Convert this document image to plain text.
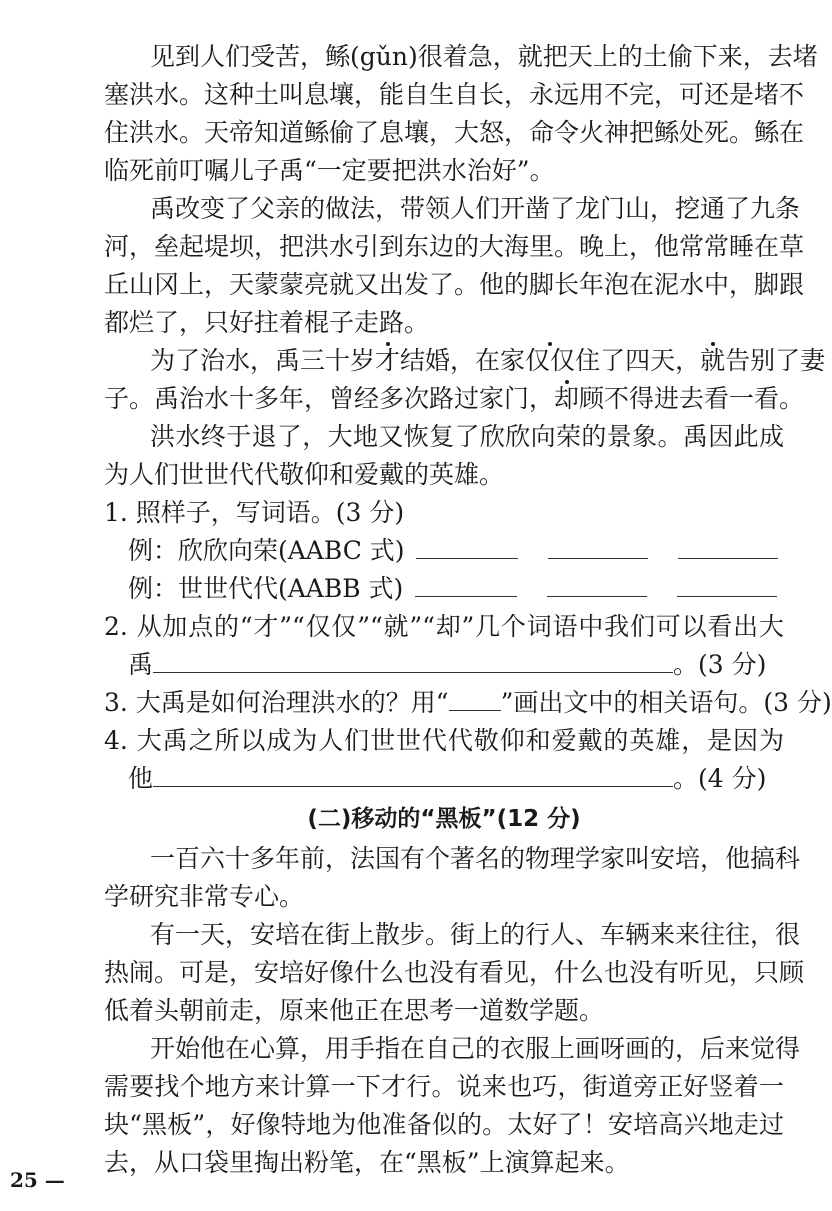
见到人们受苦，鲧(gǔn)很着急，就把天上的土偷下来，去堵
塞洪水。这种土叫息壤，能自生自长，永远用不完，可还是堵不
住洪水。天帝知道鲧偷了息壤，大怒，命令火神把鲧处死。鲧在
临死前叮嘱儿子禹“一定要把洪水治好”。
禹改变了父亲的做法，带领人们开凿了龙门山，挖通了九条
河，垒起堤坝，把洪水引到东边的大海里。晚上，他常常睡在草
丘山冈上，天蒙蒙亮就又出发了。他的脚长年泡在泥水中，脚跟
都烂了，只好拄着棍子走路。
为了治水，禹三十岁才结婚，在家仅仅住了四天，就告别了妻
子。禹治水十多年，曾经多次路过家门，却顾不得进去看一看。
洪水终于退了，大地又恢复了欣欣向荣的景象。禹因此成
为人们世世代代敬仰和爱戴的英雄。
1. 照样子，写词语。(3 分)
例：欣欣向荣(AABC 式)
例：世世代代(AABB 式)
2. 从加点的“才”“仅仅”“就”“却”几个词语中我们可以看出大
禹	。(3 分)
3. 大禹是如何治理洪水的？用“ ”画出文中的相关语句。(3 分)
4. 大禹之所以成为人们世世代代敬仰和爱戴的英雄，是因为
他	。(4 分)
(二)移动的“黑板”(12 分)
一百六十多年前，法国有个著名的物理学家叫安培，他搞科
学研究非常专心。
有一天，安培在街上散步。街上的行人、车辆来来往往，很
热闹。可是，安培好像什么也没有看见，什么也没有听见，只顾
低着头朝前走，原来他正在思考一道数学题。
开始他在心算，用手指在自己的衣服上画呀画的，后来觉得
需要找个地方来计算一下才行。说来也巧，街道旁正好竖着一
块“黑板”，好像特地为他准备似的。太好了！安培高兴地走过
去，从口袋里掏出粉笔，在“黑板”上演算起来。
25 —
